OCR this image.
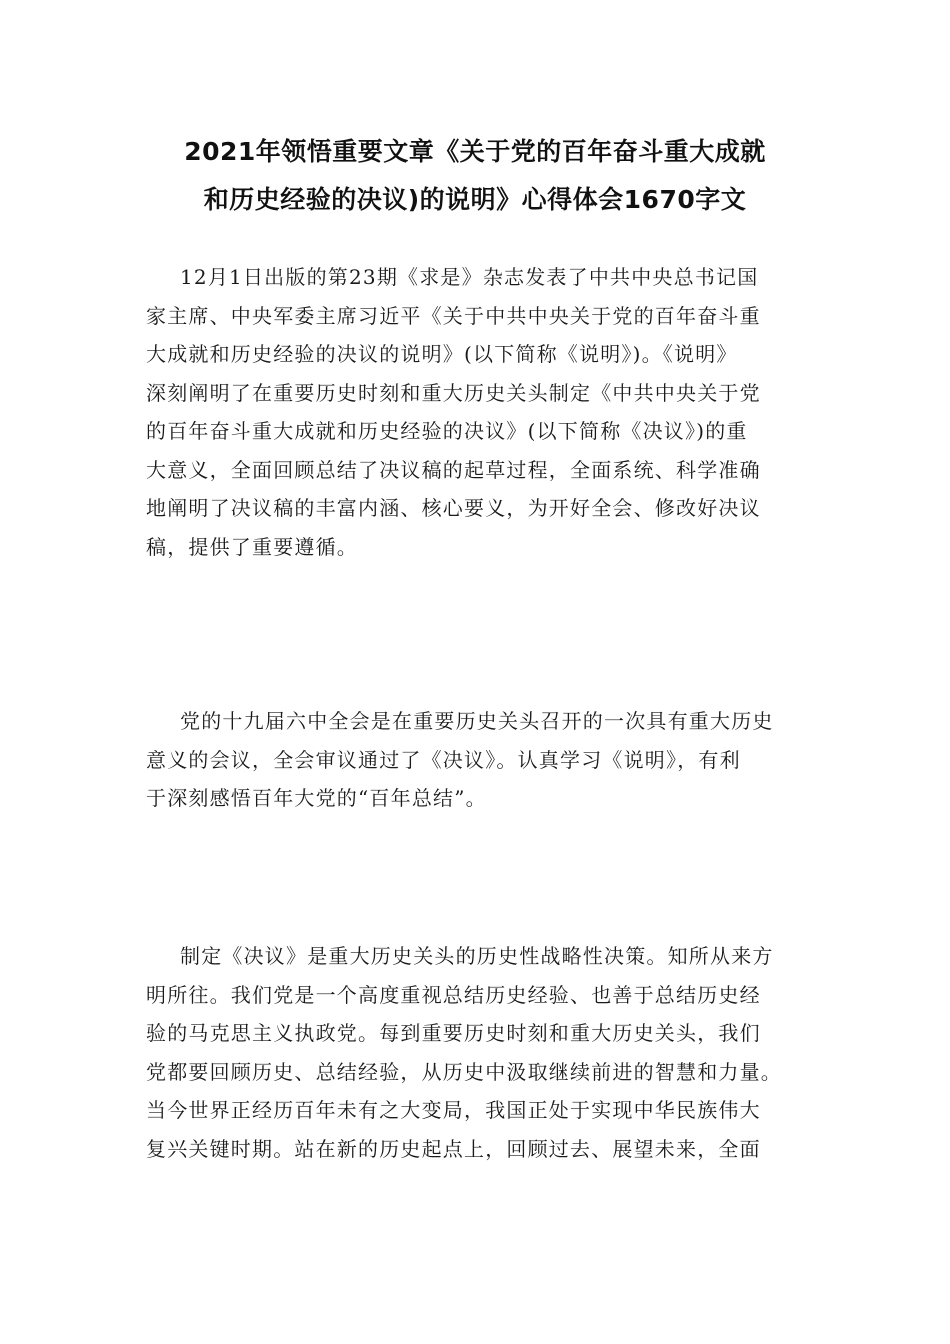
2021年领悟重要文章《关于党的百年奋斗重大成就
和历史经验的决议)的说明》心得体会1670字文

12月1日出版的第23期《求是》杂志发表了中共中央总书记国
家主席、中央军委主席习近平《关于中共中央关于党的百年奋斗重
大成就和历史经验的决议的说明》(以下简称《说明》)。《说明》
深刻阐明了在重要历史时刻和重大历史关头制定《中共中央关于党
的百年奋斗重大成就和历史经验的决议》(以下简称《决议》)的重
大意义，全面回顾总结了决议稿的起草过程，全面系统、科学准确
地阐明了决议稿的丰富内涵、核心要义，为开好全会、修改好决议
稿，提供了重要遵循。

党的十九届六中全会是在重要历史关头召开的一次具有重大历史
意义的会议，全会审议通过了《决议》。认真学习《说明》，有利
于深刻感悟百年大党的“百年总结”。

制定《决议》是重大历史关头的历史性战略性决策。知所从来方
明所往。我们党是一个高度重视总结历史经验、也善于总结历史经
验的马克思主义执政党。每到重要历史时刻和重大历史关头，我们
党都要回顾历史、总结经验，从历史中汲取继续前进的智慧和力量。
当今世界正经历百年未有之大变局，我国正处于实现中华民族伟大
复兴关键时期。站在新的历史起点上，回顾过去、展望未来，全面
